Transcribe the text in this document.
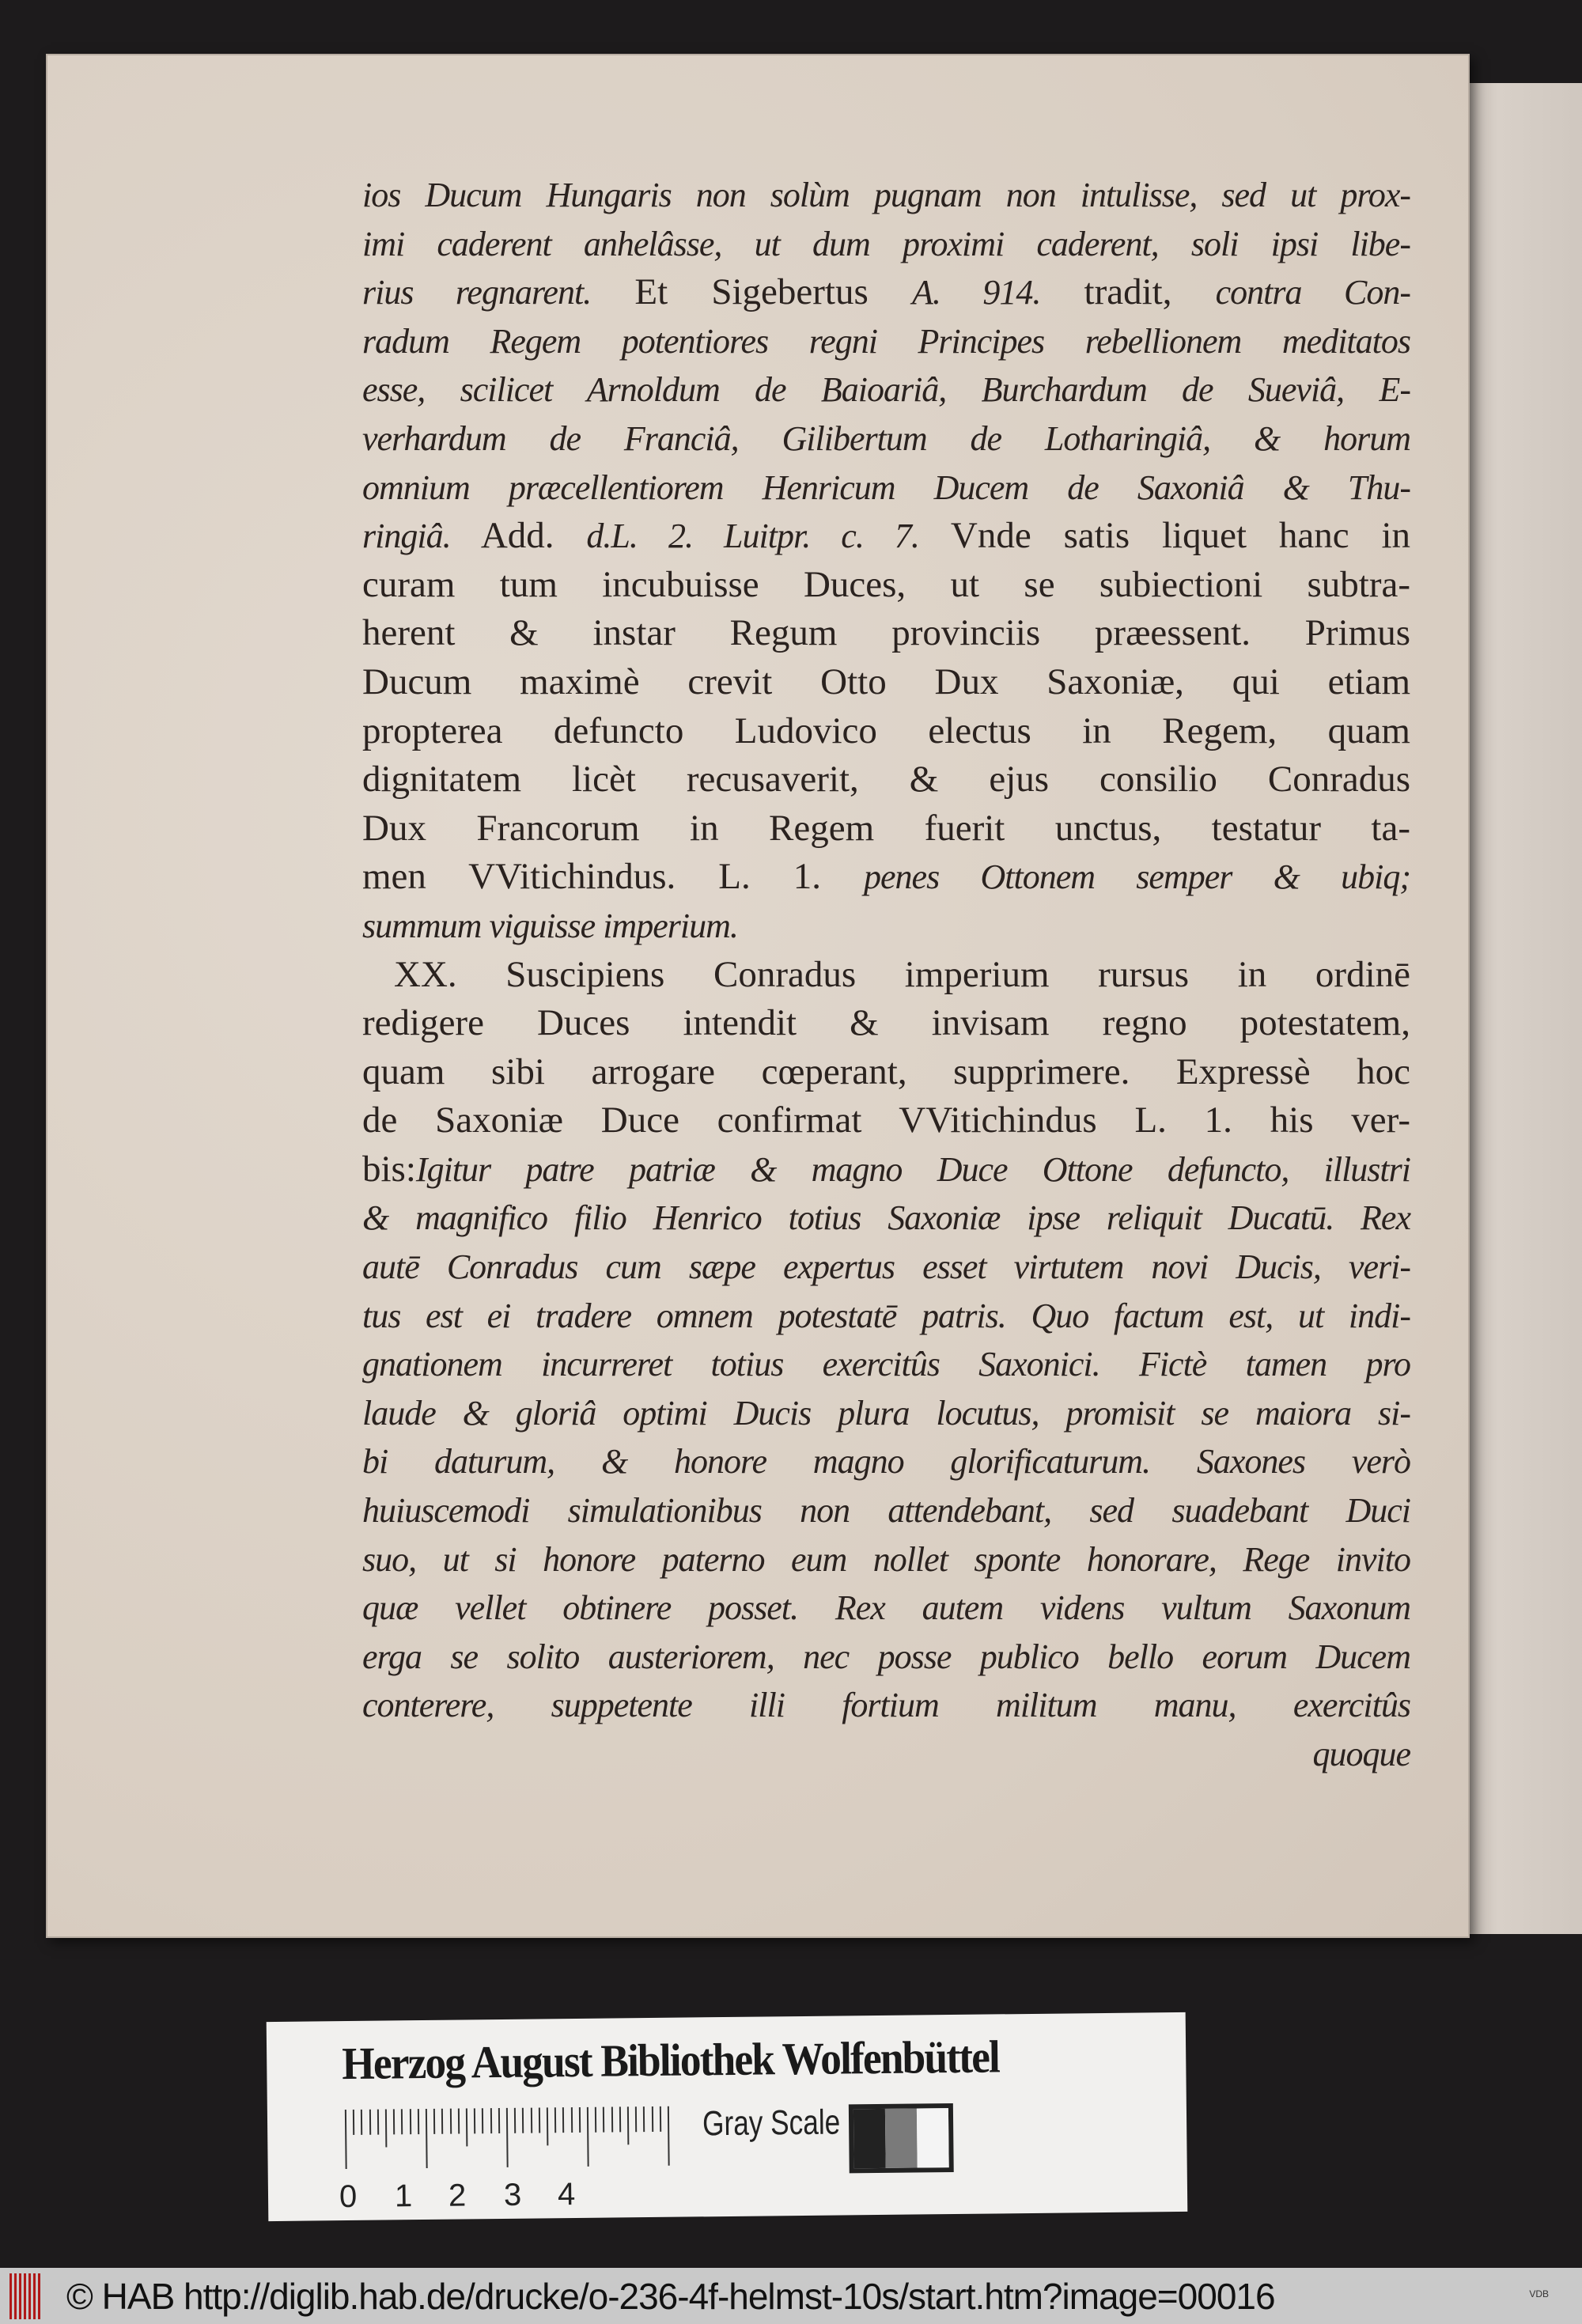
ios Ducum Hungaris non solùm pugnam non intulisse, sed ut prox-
imi caderent anhelâsse, ut dum proximi caderent, soli ipsi libe-
rius regnarent. Et Sigebertus A. 914. tradit, contra Con-
radum Regem potentiores regni Principes rebellionem meditatos
esse, scilicet Arnoldum de Baioariâ, Burchardum de Sueviâ, E-
verhardum de Franciâ, Gilibertum de Lotharingiâ, & horum
omnium præcellentiorem Henricum Ducem de Saxoniâ & Thu-
ringiâ. Add. d.L. 2. Luitpr. c. 7. Vnde satis liquet hanc in
curam tum incubuisse Duces, ut se subiectioni subtra-
herent & instar Regum provinciis præessent. Primus
Ducum maximè crevit Otto Dux Saxoniæ, qui etiam
propterea defuncto Ludovico electus in Regem, quam
dignitatem licèt recusaverit, & ejus consilio Conradus
Dux Francorum in Regem fuerit unctus, testatur ta-
men VVitichindus. L. 1. penes Ottonem semper & ubiq;
summum viguisse imperium.
XX. Suscipiens Conradus imperium rursus in ordinē
redigere Duces intendit & invisam regno potestatem,
quam sibi arrogare cœperant, supprimere. Expressè hoc
de Saxoniæ Duce confirmat VVitichindus L. 1. his ver-
bis:Igitur patre patriæ & magno Duce Ottone defuncto, illustri
& magnifico filio Henrico totius Saxoniæ ipse reliquit Ducatū. Rex
autē Conradus cum sæpe expertus esset virtutem novi Ducis, veri-
tus est ei tradere omnem potestatē patris. Quo factum est, ut indi-
gnationem incurreret totius exercitûs Saxonici. Fictè tamen pro
laude & gloriâ optimi Ducis plura locutus, promisit se maiora si-
bi daturum, & honore magno glorificaturum. Saxones verò
huiuscemodi simulationibus non attendebant, sed suadebant Duci
suo, ut si honore paterno eum nollet sponte honorare, Rege invito
quæ vellet obtinere posset. Rex autem videns vultum Saxonum
erga se solito austeriorem, nec posse publico bello eorum Ducem
conterere, suppetente illi fortium militum manu, exercitûs
quoque
Herzog August Bibliothek Wolfenbüttel
0 1 2 3 4
Gray Scale
© HAB http://diglib.hab.de/drucke/o-236-4f-helmst-10s/start.htm?image=00016	VDB
